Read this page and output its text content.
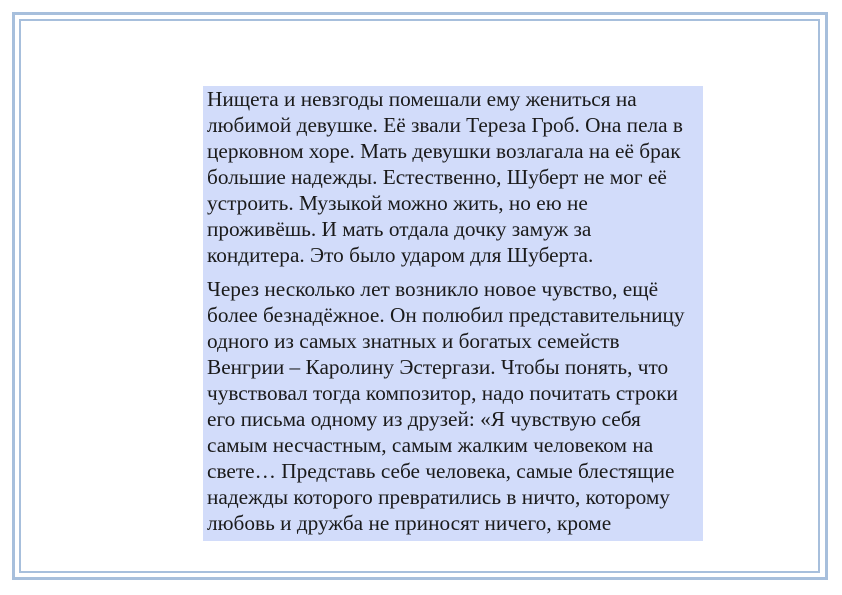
Нищета и невзгоды помешали ему жениться на
любимой девушке. Её звали Тереза Гроб. Она пела в
церковном хоре. Мать девушки возлагала на её брак
большие надежды. Естественно, Шуберт не мог её
устроить. Музыкой можно жить, но ею не
проживёшь. И мать отдала дочку замуж за
кондитера. Это было ударом для Шуберта.

Через несколько лет возникло новое чувство, ещё
более безнадёжное. Он полюбил представительницу
одного из самых знатных и богатых семейств
Венгрии – Каролину Эстергази. Чтобы понять, что
чувствовал тогда композитор, надо почитать строки
его письма одному из друзей: «Я чувствую себя
самым несчастным, самым жалким человеком на
свете… Представь себе человека, самые блестящие
надежды которого превратились в ничто, которому
любовь и дружба не приносят ничего, кроме
